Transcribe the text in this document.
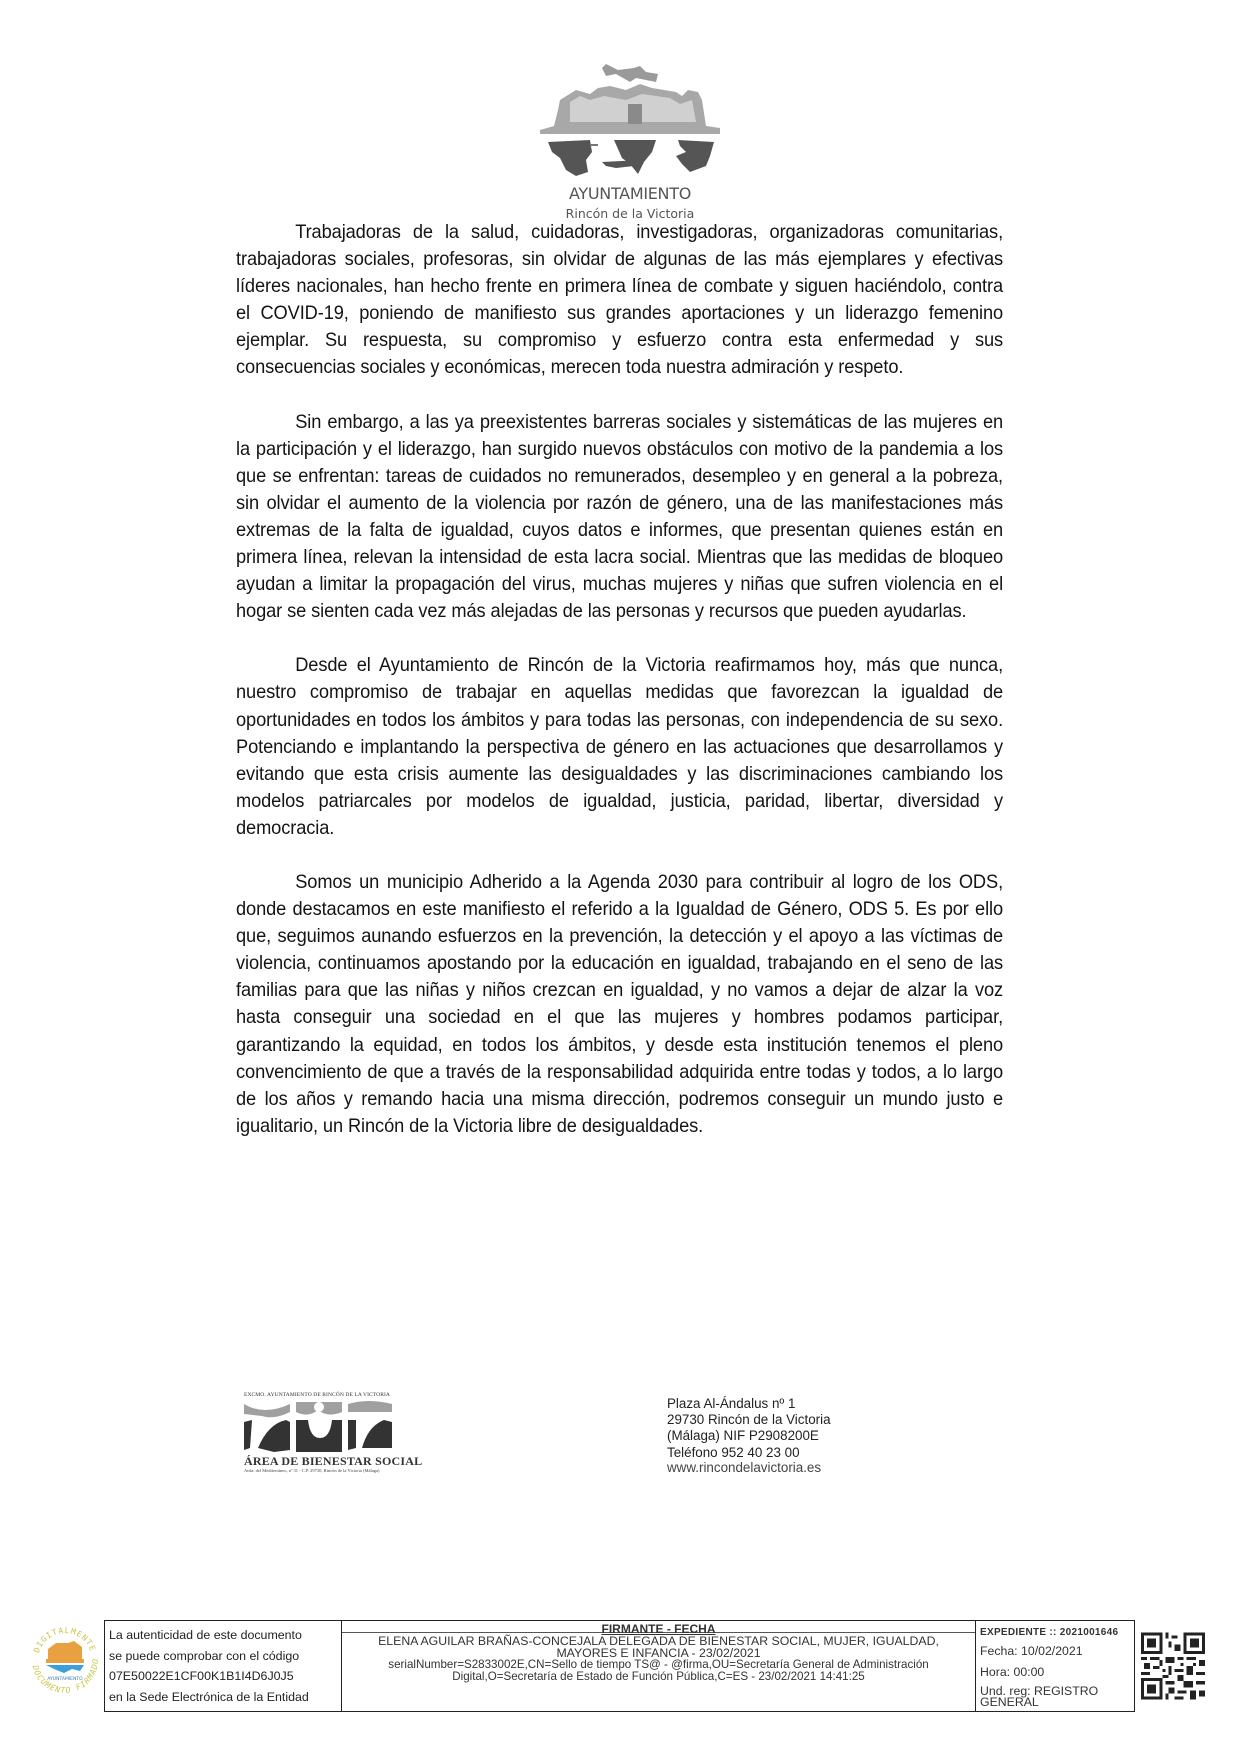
AYUNTAMIENTO
Rincón de la Victoria

Trabajadoras de la salud, cuidadoras, investigadoras, organizadoras comunitarias, trabajadoras sociales, profesoras, sin olvidar de algunas de las más ejemplares y efectivas líderes nacionales, han hecho frente en primera línea de combate y siguen haciéndolo, contra el COVID-19, poniendo de manifiesto sus grandes aportaciones y un liderazgo femenino ejemplar. Su respuesta, su compromiso y esfuerzo contra esta enfermedad y sus consecuencias sociales y económicas, merecen toda nuestra admiración y respeto.

Sin embargo, a las ya preexistentes barreras sociales y sistemáticas de las mujeres en la participación y el liderazgo, han surgido nuevos obstáculos con motivo de la pandemia a los que se enfrentan: tareas de cuidados no remunerados, desempleo y en general a la pobreza, sin olvidar el aumento de la violencia por razón de género, una de las manifestaciones más extremas de la falta de igualdad, cuyos datos e informes, que presentan quienes están en primera línea, relevan la intensidad de esta lacra social. Mientras que las medidas de bloqueo ayudan a limitar la propagación del virus, muchas mujeres y niñas que sufren violencia en el hogar se sienten cada vez más alejadas de las personas y recursos que pueden ayudarlas.

Desde el Ayuntamiento de Rincón de la Victoria reafirmamos hoy, más que nunca, nuestro compromiso de trabajar en aquellas medidas que favorezcan la igualdad de oportunidades en todos los ámbitos y para todas las personas, con independencia de su sexo. Potenciando e implantando la perspectiva de género en las actuaciones que desarrollamos y evitando que esta crisis aumente las desigualdades y las discriminaciones cambiando los modelos patriarcales por modelos de igualdad, justicia, paridad, libertar, diversidad y democracia.

Somos un municipio Adherido a la Agenda 2030 para contribuir al logro de los ODS, donde destacamos en este manifiesto el referido a la Igualdad de Género, ODS 5. Es por ello que, seguimos aunando esfuerzos en la prevención, la detección y el apoyo a las víctimas de violencia, continuamos apostando por la educación en igualdad, trabajando en el seno de las familias para que las niñas y niños crezcan en igualdad, y no vamos a dejar de alzar la voz hasta conseguir una sociedad en el que las mujeres y hombres podamos participar, garantizando la equidad, en todos los ámbitos, y desde esta institución tenemos el pleno convencimiento de que a través de la responsabilidad adquirida entre todas y todos, a lo largo de los años y remando hacia una misma dirección, podremos conseguir un mundo justo e igualitario, un Rincón de la Victoria libre de desigualdades.

EXCMO. AYUNTAMIENTO DE RINCÓN DE LA VICTORIA
ÁREA DE BIENESTAR SOCIAL
Avda. del Mediterráneo, nº 31 - C.P. 29730, Rincón de la Victoria (Málaga)
Plaza Al-Ándalus nº 1
29730 Rincón de la Victoria
(Málaga) NIF P2908200E
Teléfono 952 40 23 00
www.rincondelavictoria.es
DIGITALMENTE
DOCUMENTO FIRMADO
AYUNTAMIENTO
La autenticidad de este documento
se puede comprobar con el código
07E50022E1CF00K1B1I4D6J0J5
en la Sede Electrónica de la Entidad
FIRMANTE - FECHA
ELENA AGUILAR BRAÑAS-CONCEJALA DELEGADA DE BIENESTAR SOCIAL, MUJER, IGUALDAD,
MAYORES E INFANCIA - 23/02/2021
serialNumber=S2833002E,CN=Sello de tiempo TS@ - @firma,OU=Secretaría General de Administración
Digital,O=Secretaría de Estado de Función Pública,C=ES - 23/02/2021 14:41:25
EXPEDIENTE :: 2021001646
Fecha: 10/02/2021
Hora: 00:00
Und. reg: REGISTRO GENERAL
